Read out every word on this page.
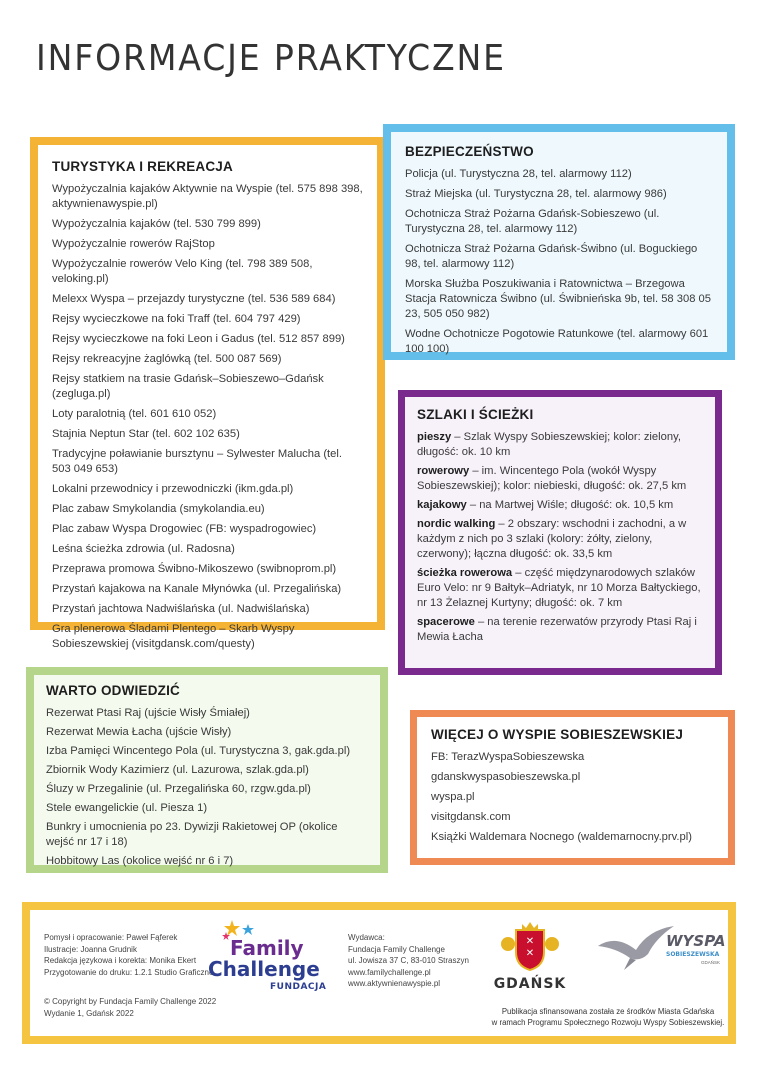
INFORMACJE PRAKTYCZNE
TURYSTYKA I REKREACJA
Wypożyczalnia kajaków Aktywnie na Wyspie (tel. 575 898 398, aktywnienawyspie.pl)
Wypożyczalnia kajaków (tel. 530 799 899)
Wypożyczalnie rowerów RajStop
Wypożyczalnie rowerów Velo King (tel. 798 389 508, veloking.pl)
Melexx Wyspa – przejazdy turystyczne (tel. 536 589 684)
Rejsy wycieczkowe na foki Traff (tel. 604 797 429)
Rejsy wycieczkowe na foki Leon i Gadus (tel. 512 857 899)
Rejsy rekreacyjne żaglówką (tel. 500 087 569)
Rejsy statkiem na trasie Gdańsk–Sobieszewo–Gdańsk (zegluga.pl)
Loty paralotnią (tel. 601 610 052)
Stajnia Neptun Star (tel. 602 102 635)
Tradycyjne poławianie bursztynu – Sylwester Malucha (tel. 503 049 653)
Lokalni przewodnicy i przewodniczki (ikm.gda.pl)
Plac zabaw Smykolandia (smykolandia.eu)
Plac zabaw Wyspa Drogowiec (FB: wyspadrogowiec)
Leśna ścieżka zdrowia (ul. Radosna)
Przeprawa promowa Świbno-Mikoszewo (swibnoprom.pl)
Przystań kajakowa na Kanale Młynówka (ul. Przegalińska)
Przystań jachtowa Nadwiślańska (ul. Nadwiślańska)
Gra plenerowa Śladami Plentego – Skarb Wyspy Sobieszewskiej (visitgdansk.com/questy)
BEZPIECZEŃSTWO
Policja (ul. Turystyczna 28, tel. alarmowy 112)
Straż Miejska (ul. Turystyczna 28, tel. alarmowy 986)
Ochotnicza Straż Pożarna Gdańsk-Sobieszewo (ul. Turystyczna 28, tel. alarmowy 112)
Ochotnicza Straż Pożarna Gdańsk-Świbno (ul. Boguckiego 98, tel. alarmowy 112)
Morska Służba Poszukiwania i Ratownictwa – Brzegowa Stacja Ratownicza Świbno (ul. Świbnieńska 9b, tel. 58 308 05 23, 505 050 982)
Wodne Ochotnicze Pogotowie Ratunkowe (tel. alarmowy 601 100 100)
SZLAKI I ŚCIEŻKI
pieszy – Szlak Wyspy Sobieszewskiej; kolor: zielony, długość: ok. 10 km
rowerowy – im. Wincentego Pola (wokół Wyspy Sobieszewskiej); kolor: niebieski, długość: ok. 27,5 km
kajakowy – na Martwej Wiśle; długość: ok. 10,5 km
nordic walking – 2 obszary: wschodni i zachodni, a w każdym z nich po 3 szlaki (kolory: żółty, zielony, czerwony); łączna długość: ok. 33,5 km
ścieżka rowerowa – część międzynarodowych szlaków Euro Velo: nr 9 Bałtyk–Adriatyk, nr 10 Morza Bałtyckiego, nr 13 Żelaznej Kurtyny; długość: ok. 7 km
spacerowe – na terenie rezerwatów przyrody Ptasi Raj i Mewia Łacha
WARTO ODWIEDZIĆ
Rezerwat Ptasi Raj (ujście Wisły Śmiałej)
Rezerwat Mewia Łacha (ujście Wisły)
Izba Pamięci Wincentego Pola (ul. Turystyczna 3, gak.gda.pl)
Zbiornik Wody Kazimierz (ul. Lazurowa, szlak.gda.pl)
Śluzy w Przegalinie (ul. Przegalińska 60, rzgw.gda.pl)
Stele ewangelickie (ul. Piesza 1)
Bunkry i umocnienia po 23. Dywizji Rakietowej OP (okolice wejść nr 17 i 18)
Hobbitowy Las (okolice wejść nr 6 i 7)
WIĘCEJ O WYSPIE SOBIESZEWSKIEJ
FB: TerazWyspaSobieszewska
gdanskwyspasobieszewska.pl
wyspa.pl
visitgdansk.com
Książki Waldemara Nocnego (waldemarnocny.prv.pl)
Pomysł i opracowanie: Paweł Fąferek
Ilustracje: Joanna Grudnik
Redakcja językowa i korekta: Monika Ekert
Przygotowanie do druku: 1.2.1 Studio Graficzne
© Copyright by Fundacja Family Challenge 2022
Wydanie 1, Gdańsk 2022
Family
Challenge
FUNDACJA
Wydawca:
Fundacja Family Challenge
ul. Jowisza 37 C, 83-010 Straszyn
www.familychallenge.pl
www.aktywnienawyspie.pl
✕
✕
GDAŃSK
WYSPA
SOBIESZEWSKA
GDAŃSK
Publikacja sfinansowana została ze środków Miasta Gdańska
w ramach Programu Społecznego Rozwoju Wyspy Sobieszewskiej.
